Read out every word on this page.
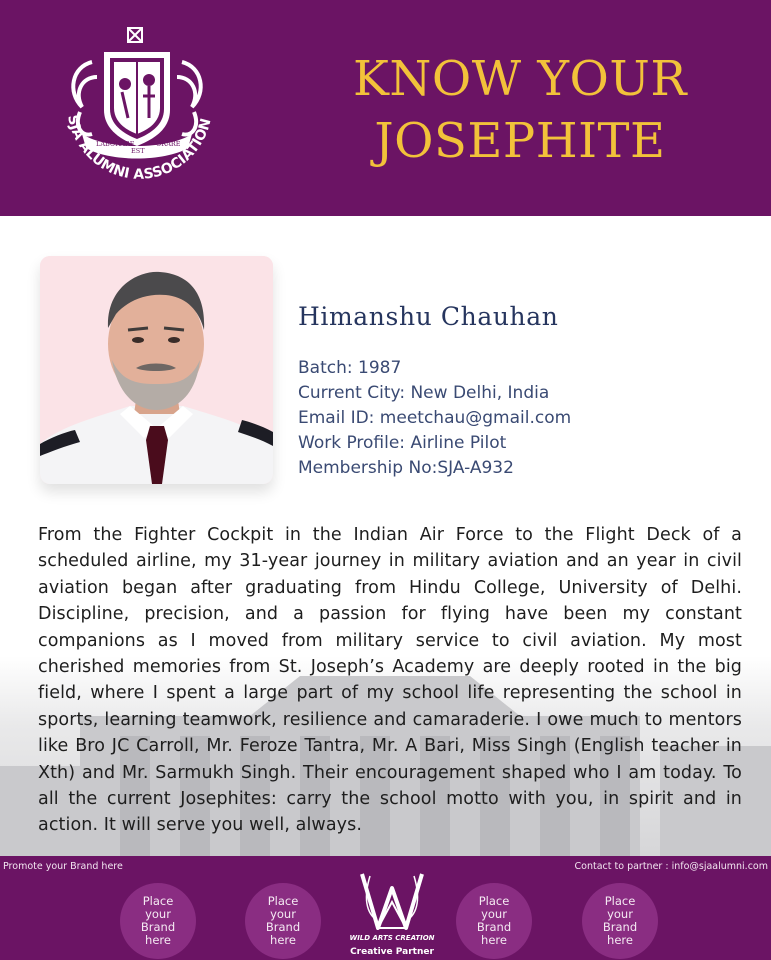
LABORARE
EST
ORARE
SJA ALUMNI ASSOCIATION
KNOW YOUR
JOSEPHITE
Himanshu Chauhan
Batch: 1987
Current City: New Delhi, India
Email ID: meetchau@gmail.com
Work Profile: Airline Pilot
Membership No:SJA-A932

From the Fighter Cockpit in the Indian Air Force to the Flight Deck of a scheduled airline, my 31-year journey in military aviation and an year in civil aviation began after graduating from Hindu College, University of Delhi. Discipline, precision, and a passion for flying have been my constant companions as I moved from military service to civil aviation. My most cherished memories from St. Joseph’s Academy are deeply rooted in the big field, where I spent a large part of my school life representing the school in sports, learning teamwork, resilience and camaraderie. I owe much to mentors like Bro JC Carroll, Mr. Feroze Tantra, Mr. A Bari, Miss Singh (English teacher in Xth) and Mr. Sarmukh Singh. Their encouragement shaped who I am today. To all the current Josephites: carry the school motto with you, in spirit and in action. It will serve you well, always.

Promote your Brand here	Contact to partner : info@sjaalumni.com
Place your Brand here
Place your Brand here
Place your Brand here
Place your Brand here
WILD ARTS CREATION
Creative Partner
